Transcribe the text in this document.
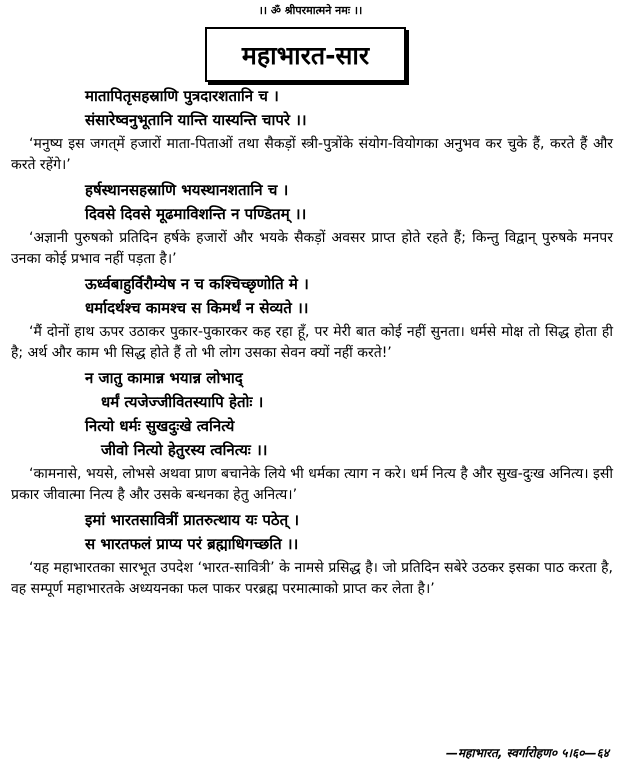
।। ॐ श्रीपरमात्मने नमः ।।
महाभारत-सार
मातापितृसहस्राणि पुत्रदारशतानि च ।
संसारेष्वनुभूतानि यान्ति यास्यन्ति चापरे ।।

‘मनुष्य इस जगत्‌में हजारों माता-पिताओं तथा सैकड़ों स्त्री-पुत्रोंके संयोग-वियोगका अनुभव कर चुके हैं, करते हैं और करते रहेंगे।’

हर्षस्थानसहस्राणि भयस्थानशतानि च ।
दिवसे दिवसे मूढमाविशन्ति न पण्डितम् ।।

‘अज्ञानी पुरुषको प्रतिदिन हर्षके हजारों और भयके सैकड़ों अवसर प्राप्त होते रहते हैं; किन्तु विद्वान् पुरुषके मनपर उनका कोई प्रभाव नहीं पड़ता है।’

ऊर्ध्वबाहुर्विरौम्येष न च कश्चिच्छृणोति मे ।
धर्मादर्थश्च कामश्च स किमर्थं न सेव्यते ।।

‘मैं दोनों हाथ ऊपर उठाकर पुकार-पुकारकर कह रहा हूँ, पर मेरी बात कोई नहीं सुनता। धर्मसे मोक्ष तो सिद्ध होता ही है; अर्थ और काम भी सिद्ध होते हैं तो भी लोग उसका सेवन क्यों नहीं करते!’

न जातु कामान्न भयान्न लोभाद्
धर्मं त्यजेज्जीवितस्यापि हेतोः ।
नित्यो धर्मः सुखदुःखे त्वनित्ये
जीवो नित्यो हेतुरस्य त्वनित्यः ।।

‘कामनासे, भयसे, लोभसे अथवा प्राण बचानेके लिये भी धर्मका त्याग न करे। धर्म नित्य है और सुख-दुःख अनित्य। इसी प्रकार जीवात्मा नित्य है और उसके बन्धनका हेतु अनित्य।’

इमां भारतसावित्रीं प्रातरुत्थाय यः पठेत् ।
स भारतफलं प्राप्य परं ब्रह्माधिगच्छति ।।

‘यह महाभारतका सारभूत उपदेश ‘भारत-सावित्री’ के नामसे प्रसिद्ध है। जो प्रतिदिन सबेरे उठकर इसका पाठ करता है, वह सम्पूर्ण महाभारतके अध्ययनका फल पाकर परब्रह्म परमात्माको प्राप्त कर लेता है।’

—महाभारत, स्वर्गारोहण० ५।६०—६४
